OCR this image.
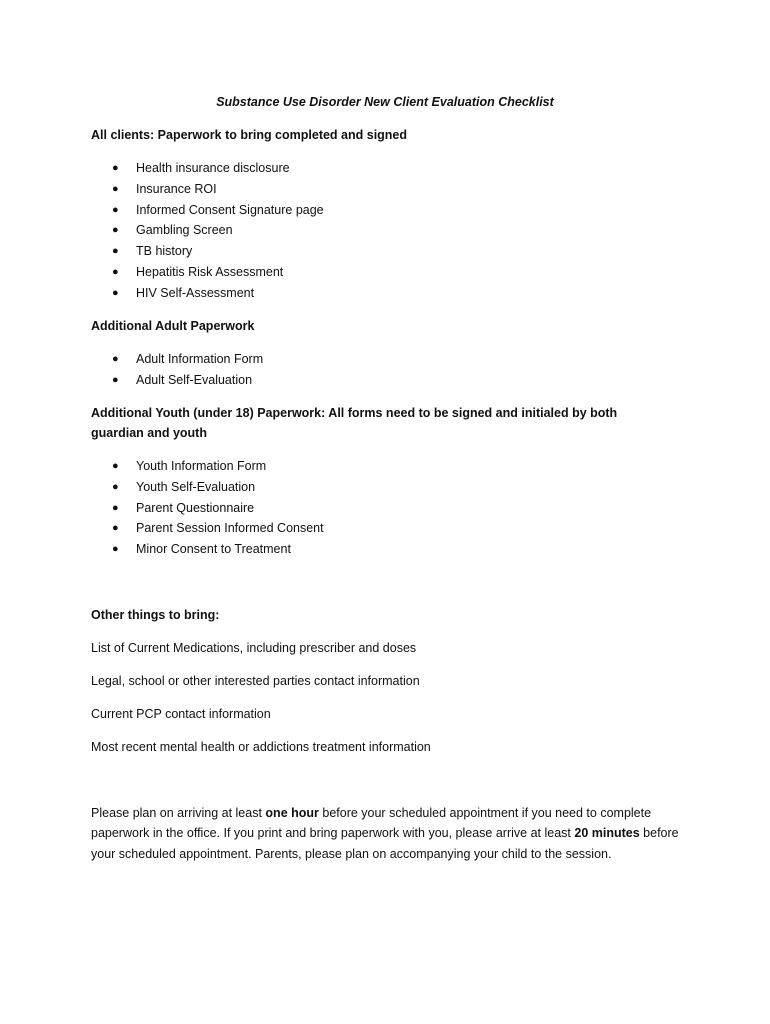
Substance Use Disorder New Client Evaluation Checklist
All clients: Paperwork to bring completed and signed
● Health insurance disclosure
● Insurance ROI
● Informed Consent Signature page
● Gambling Screen
● TB history
● Hepatitis Risk Assessment
● HIV Self-Assessment
Additional Adult Paperwork
● Adult Information Form
● Adult Self-Evaluation
Additional Youth (under 18) Paperwork: All forms need to be signed and initialed by both guardian and youth
● Youth Information Form
● Youth Self-Evaluation
● Parent Questionnaire
● Parent Session Informed Consent
● Minor Consent to Treatment
Other things to bring:
List of Current Medications, including prescriber and doses
Legal, school or other interested parties contact information
Current PCP contact information
Most recent mental health or addictions treatment information
Please plan on arriving at least one hour before your scheduled appointment if you need to complete paperwork in the office. If you print and bring paperwork with you, please arrive at least 20 minutes before your scheduled appointment. Parents, please plan on accompanying your child to the session.
